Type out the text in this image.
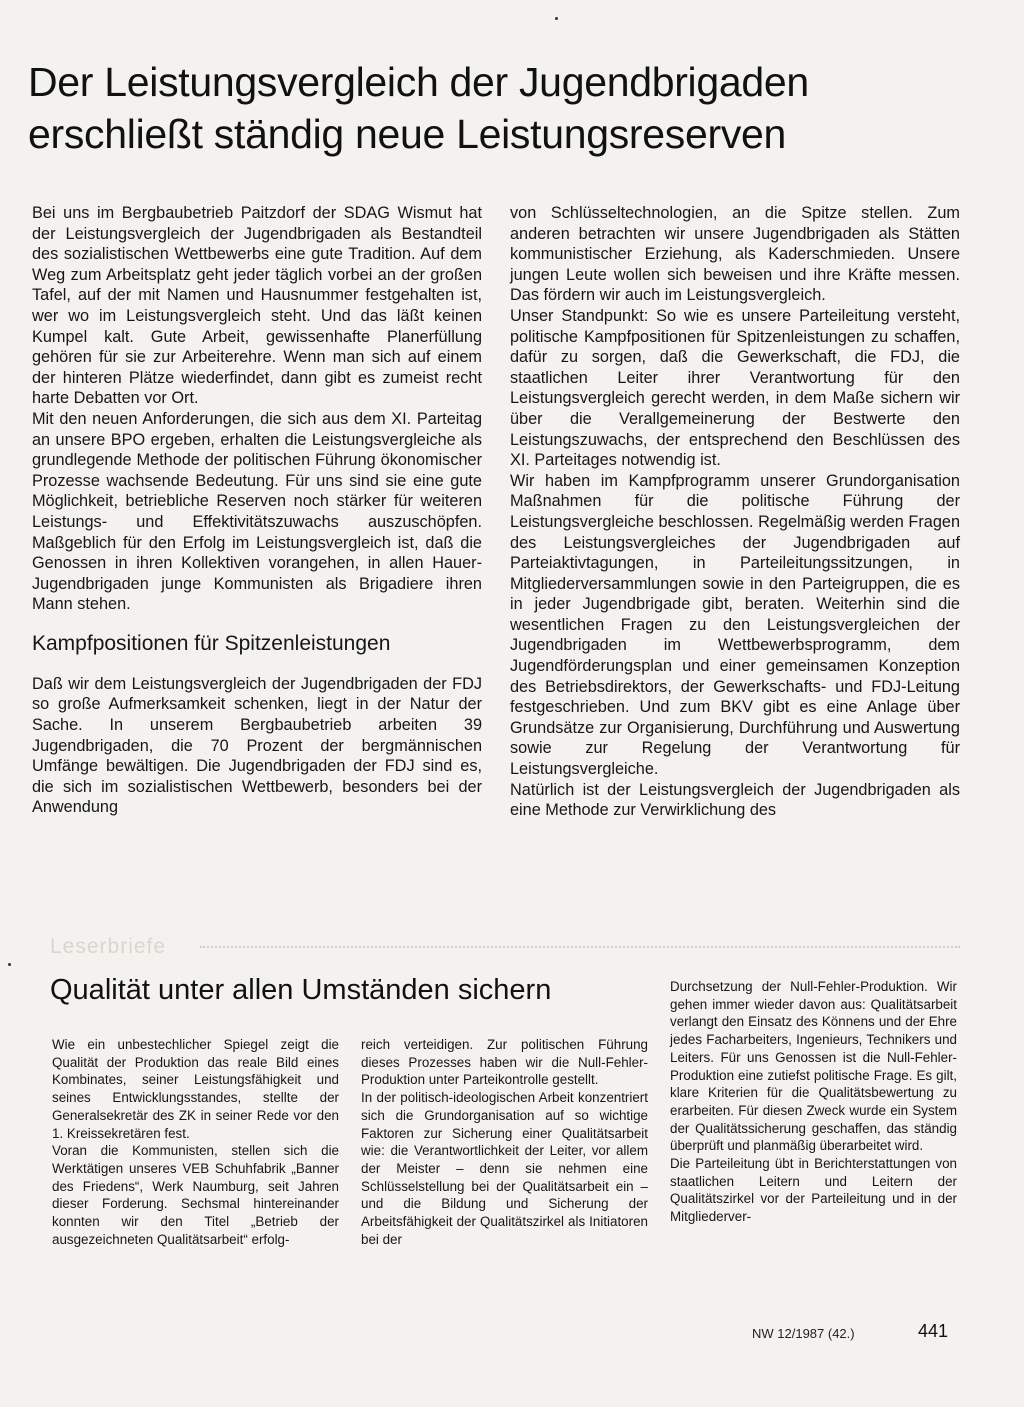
Der Leistungsvergleich der Jugendbrigaden
erschließt ständig neue Leistungsreserven

Bei uns im Bergbaubetrieb Paitzdorf der SDAG Wismut hat der Leistungsvergleich der Jugendbrigaden als Bestandteil des sozialistischen Wettbewerbs eine gute Tradition. Auf dem Weg zum Arbeitsplatz geht jeder täglich vorbei an der großen Tafel, auf der mit Namen und Hausnummer festgehalten ist, wer wo im Leistungsvergleich steht. Und das läßt keinen Kumpel kalt. Gute Arbeit, gewissenhafte Planerfüllung gehören für sie zur Arbeiterehre. Wenn man sich auf einem der hinteren Plätze wiederfindet, dann gibt es zumeist recht harte Debatten vor Ort.

Mit den neuen Anforderungen, die sich aus dem XI. Parteitag an unsere BPO ergeben, erhalten die Leistungsvergleiche als grundlegende Methode der politischen Führung ökonomischer Prozesse wachsende Bedeutung. Für uns sind sie eine gute Möglichkeit, betriebliche Reserven noch stärker für weiteren Leistungs- und Effektivitätszuwachs auszuschöpfen. Maßgeblich für den Erfolg im Leistungsvergleich ist, daß die Genossen in ihren Kollektiven vorangehen, in allen Hauer-Jugendbrigaden junge Kommunisten als Brigadiere ihren Mann stehen.

Kampfpositionen für Spitzenleistungen

Daß wir dem Leistungsvergleich der Jugendbrigaden der FDJ so große Aufmerksamkeit schenken, liegt in der Natur der Sache. In unserem Bergbaubetrieb arbeiten 39 Jugendbrigaden, die 70 Prozent der bergmännischen Umfänge bewältigen. Die Jugendbrigaden der FDJ sind es, die sich im sozialistischen Wettbewerb, besonders bei der Anwendung

von Schlüsseltechnologien, an die Spitze stellen. Zum anderen betrachten wir unsere Jugendbrigaden als Stätten kommunistischer Erziehung, als Kaderschmieden. Unsere jungen Leute wollen sich beweisen und ihre Kräfte messen. Das fördern wir auch im Leistungsvergleich.

Unser Standpunkt: So wie es unsere Parteileitung versteht, politische Kampfpositionen für Spitzenleistungen zu schaffen, dafür zu sorgen, daß die Gewerkschaft, die FDJ, die staatlichen Leiter ihrer Verantwortung für den Leistungsvergleich gerecht werden, in dem Maße sichern wir über die Verallgemeinerung der Bestwerte den Leistungszuwachs, der entsprechend den Beschlüssen des XI. Parteitages notwendig ist.

Wir haben im Kampfprogramm unserer Grundorganisation Maßnahmen für die politische Führung der Leistungsvergleiche beschlossen. Regelmäßig werden Fragen des Leistungsvergleiches der Jugendbrigaden auf Parteiaktivtagungen, in Parteileitungssitzungen, in Mitgliederversammlungen sowie in den Parteigruppen, die es in jeder Jugendbrigade gibt, beraten. Weiterhin sind die wesentlichen Fragen zu den Leistungsvergleichen der Jugendbrigaden im Wettbewerbsprogramm, dem Jugendförderungsplan und einer gemeinsamen Konzeption des Betriebsdirektors, der Gewerkschafts- und FDJ-Leitung festgeschrieben. Und zum BKV gibt es eine Anlage über Grundsätze zur Organisierung, Durchführung und Auswertung sowie zur Regelung der Verantwortung für Leistungsvergleiche.

Natürlich ist der Leistungsvergleich der Jugendbrigaden als eine Methode zur Verwirklichung des

Leserbriefe
Qualität unter allen Umständen sichern

Wie ein unbestechlicher Spiegel zeigt die Qualität der Produktion das reale Bild eines Kombinates, seiner Leistungsfähigkeit und seines Entwicklungsstandes, stellte der Generalsekretär des ZK in seiner Rede vor den 1. Kreissekretären fest.

Voran die Kommunisten, stellen sich die Werktätigen unseres VEB Schuhfabrik „Banner des Friedens“, Werk Naumburg, seit Jahren dieser Forderung. Sechsmal hintereinander konnten wir den Titel „Betrieb der ausgezeichneten Qualitätsarbeit“ erfolg-

reich verteidigen. Zur politischen Führung dieses Prozesses haben wir die Null-Fehler-Produktion unter Parteikontrolle gestellt.

In der politisch-ideologischen Arbeit konzentriert sich die Grundorganisation auf so wichtige Faktoren zur Sicherung einer Qualitätsarbeit wie: die Verantwortlichkeit der Leiter, vor allem der Meister – denn sie nehmen eine Schlüsselstellung bei der Qualitätsarbeit ein – und die Bildung und Sicherung der Arbeitsfähigkeit der Qualitätszirkel als Initiatoren bei der

Durchsetzung der Null-Fehler-Produktion. Wir gehen immer wieder davon aus: Qualitätsarbeit verlangt den Einsatz des Könnens und der Ehre jedes Facharbeiters, Ingenieurs, Technikers und Leiters. Für uns Genossen ist die Null-Fehler-Produktion eine zutiefst politische Frage. Es gilt, klare Kriterien für die Qualitätsbewertung zu erarbeiten. Für diesen Zweck wurde ein System der Qualitätssicherung geschaffen, das ständig überprüft und planmäßig überarbeitet wird.

Die Parteileitung übt in Berichterstattungen von staatlichen Leitern und Leitern der Qualitätszirkel vor der Parteileitung und in der Mitgliederver-

NW 12/1987 (42.)	441
